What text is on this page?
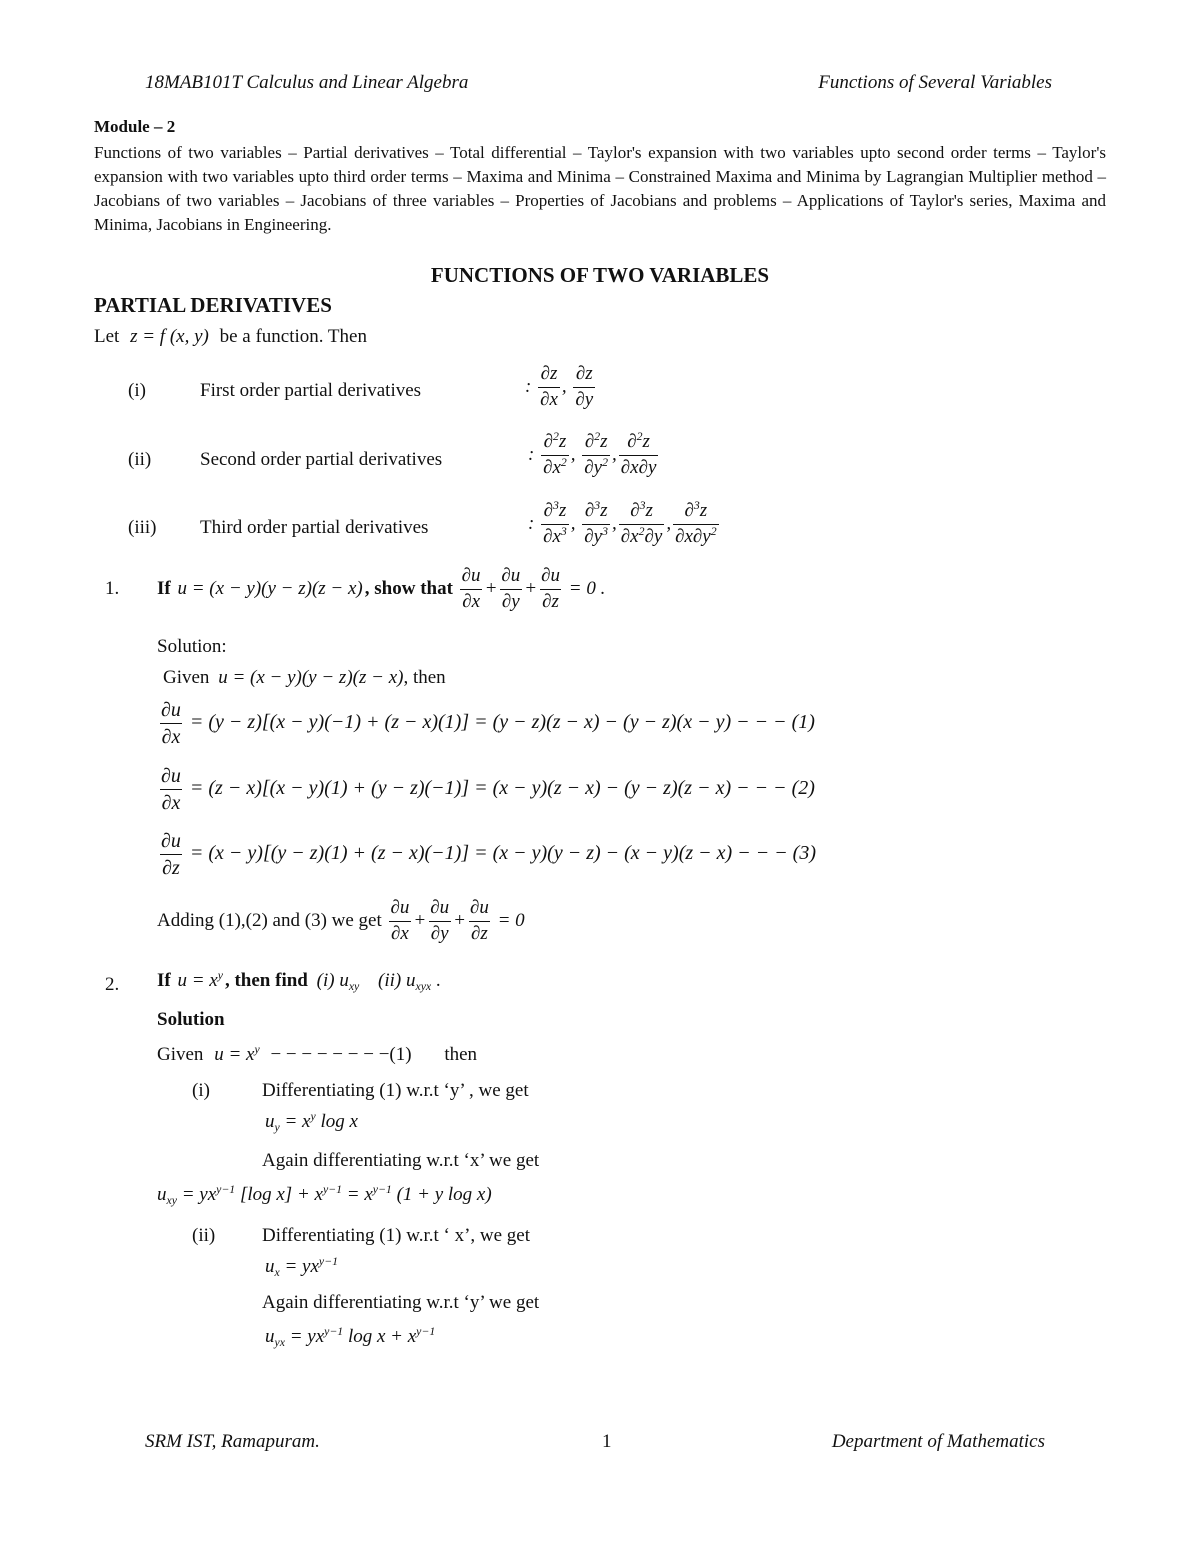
18MAB101T Calculus and Linear Algebra	Functions of Several Variables
Module – 2
Functions of two variables – Partial derivatives – Total differential – Taylor's expansion with two variables upto second order terms – Taylor's expansion with two variables upto third order terms – Maxima and Minima – Constrained Maxima and Minima by Lagrangian Multiplier method – Jacobians of two variables – Jacobians of three variables – Properties of Jacobians and problems – Applications of Taylor's series, Maxima and Minima, Jacobians in Engineering.
FUNCTIONS OF TWO VARIABLES
PARTIAL DERIVATIVES
Let z = f (x, y) be a function. Then
(i)	First order partial derivatives	: $\frac{\partial z}{\partial x}$ , $\frac{\partial z}{\partial y}$
(ii)	Second order partial derivatives	: $\frac{\partial^2z}{\partial x^2}$ , $\frac{\partial^2z}{\partial y^2}$ , $\frac{\partial^2z}{\partial x\partial y}$
(iii) Third order partial derivatives	: $\frac{\partial^3z}{\partial x^3}$ , $\frac{\partial^3z}{\partial y^3}$ , $\frac{\partial^3z}{\partial x^2\partial y}$ , $\frac{\partial^3z}{\partial x\partial y^2}$
1. If u = (x − y)(y − z)(z − x) , show that $\frac{\partial u}{\partial x} + \frac{\partial u}{\partial y} + \frac{\partial u}{\partial z} = 0$ .
Solution:
Given u = (x − y)(y − z)(z − x), then
$\frac{\partial u}{\partial x} = (y - z)[(x - y)(-1) + (z - x)(1)] = (y - z)(z - x) - (y - z)(x - y)$ − − − (1)
$\frac{\partial u}{\partial x} = (z - x)[(x - y)(1) + (y - z)(-1)] = (x - y)(z - x) - (y - z)(z - x)$ − − − (2)
$\frac{\partial u}{\partial z} = (x - y)[(y - z)(1) + (z - x)(-1)] = (x - y)(y - z) - (x - y)(z - x)$ − − − (3)
Adding (1),(2) and (3) we get $\frac{\partial u}{\partial x} + \frac{\partial u}{\partial y} + \frac{\partial u}{\partial z} = 0$
2. If $u = x^y$ , then find (i) $u_{xy}$ (ii) $u_{xyx}$ .
Solution
Given $u = x^y$ − − − − − − − −(1) then
(i)	Differentiating (1) w.r.t ‘y’ , we get
$u_y = x^y$ log x
Again differentiating w.r.t ‘x’ we get
$u_{xy} = yx^{y-1}$ [log $x] + x^{y-1} = x^{y-1}$ (1 + y log x)
(ii) Differentiating (1) w.r.t ‘ x’, we get
$u_x = yx^{y-1}$
Again differentiating w.r.t ‘y’ we get
$u_{yx} = yx^{y-1}$ $\log x + x^{y-1}$
SRM IST, Ramapuram.	1	Department of Mathematics
